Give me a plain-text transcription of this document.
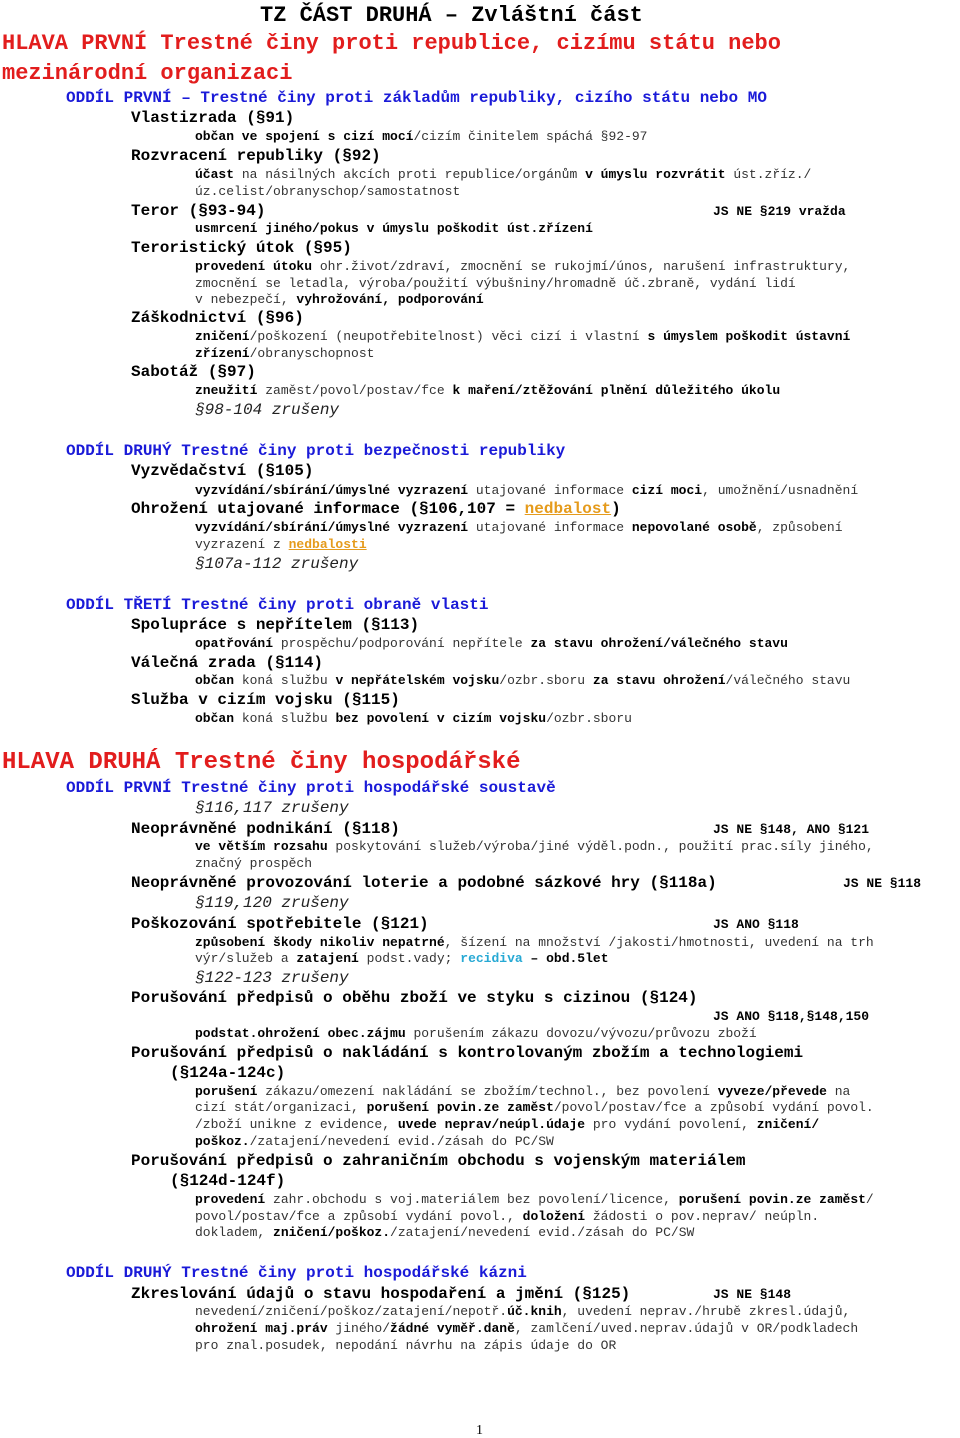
TZ ČÁST DRUHÁ – Zvláštní část
HLAVA PRVNÍ Trestné činy proti republice, cizímu státu nebo
mezinárodní organizaci
ODDÍL PRVNÍ – Trestné činy proti základům republiky, cizího státu nebo MO
Vlastizrada (§91)
občan ve spojení s cizí mocí/cizím činitelem spáchá §92-97
Rozvracení republiky (§92)
účast na násilných akcích proti republice/orgánům v úmyslu rozvrátit úst.zříz./
úz.celist/obranyschop/samostatnost
Teror (§93-94)	JS NE §219 vražda
usmrcení jiného/pokus v úmyslu poškodit úst.zřízení
Teroristický útok (§95)
provedení útoku ohr.život/zdraví, zmocnění se rukojmí/únos, narušení infrastruktury,
zmocnění se letadla, výroba/použití výbušniny/hromadně úč.zbraně, vydání lidí
v nebezpečí, vyhrožování, podporování
Záškodnictví (§96)
zničení/poškození (neupotřebitelnost) věci cizí i vlastní s úmyslem poškodit ústavní
zřízení/obranyschopnost
Sabotáž (§97)
zneužití zaměst/povol/postav/fce k maření/ztěžování plnění důležitého úkolu
§98-104 zrušeny
ODDÍL DRUHÝ Trestné činy proti bezpečnosti republiky
Vyzvědačství (§105)
vyzvídání/sbírání/úmyslné vyzrazení utajované informace cizí moci, umožnění/usnadnění
Ohrožení utajované informace (§106,107 = nedbalost)
vyzvídání/sbírání/úmyslné vyzrazení utajované informace nepovolané osobě, způsobení
vyzrazení z nedbalosti
§107a-112 zrušeny
ODDÍL TŘETÍ Trestné činy proti obraně vlasti
Spolupráce s nepřítelem (§113)
opatřování prospěchu/podporování nepřítele za stavu ohrožení/válečného stavu
Válečná zrada (§114)
občan koná službu v nepřátelském vojsku/ozbr.sboru za stavu ohrožení/válečného stavu
Služba v cizím vojsku (§115)
občan koná službu bez povolení v cizím vojsku/ozbr.sboru
HLAVA DRUHÁ Trestné činy hospodářské
ODDÍL PRVNÍ Trestné činy proti hospodářské soustavě
§116,117 zrušeny
Neoprávněné podnikání (§118)	JS NE §148, ANO §121
ve větším rozsahu poskytování služeb/výroba/jiné výděl.podn., použití prac.síly jiného,
značný prospěch
Neoprávněné provozování loterie a podobné sázkové hry (§118a)	JS NE §118
§119,120 zrušeny
Poškozování spotřebitele (§121)	JS ANO §118
způsobení škody nikoliv nepatrné, šízení na množství /jakosti/hmotnosti, uvedení na trh
výr/služeb a zatajení podst.vady; recidiva – obd.5let
§122-123 zrušeny
Porušování předpisů o oběhu zboží ve styku s cizinou (§124)
JS ANO §118,§148,150
podstat.ohrožení obec.zájmu porušením zákazu dovozu/vývozu/průvozu zboží
Porušování předpisů o nakládání s kontrolovaným zbožím a technologiemi
(§124a-124c)
porušení zákazu/omezení nakládání se zbožím/technol., bez povolení vyveze/převede na
cizí stát/organizaci, porušení povin.ze zaměst/povol/postav/fce a způsobí vydání povol.
/zboží unikne z evidence, uvede neprav/neúpl.údaje pro vydání povolení, zničení/
poškoz./zatajení/nevedení evid./zásah do PC/SW
Porušování předpisů o zahraničním obchodu s vojenským materiálem
(§124d-124f)
provedení zahr.obchodu s voj.materiálem bez povolení/licence, porušení povin.ze zaměst/
povol/postav/fce a způsobí vydání povol., doložení žádosti o pov.neprav/ neúpln.
dokladem, zničení/poškoz./zatajení/nevedení evid./zásah do PC/SW
ODDÍL DRUHÝ Trestné činy proti hospodářské kázni
Zkreslování údajů o stavu hospodaření a jmění (§125)	JS NE §148
nevedení/zničení/poškoz/zatajení/nepotř.úč.knih, uvedení neprav./hrubě zkresl.údajů,
ohrožení maj.práv jiného/žádné vyměř.daně, zamlčení/uved.neprav.údajů v OR/podkladech
pro znal.posudek, nepodání návrhu na zápis údaje do OR
1
